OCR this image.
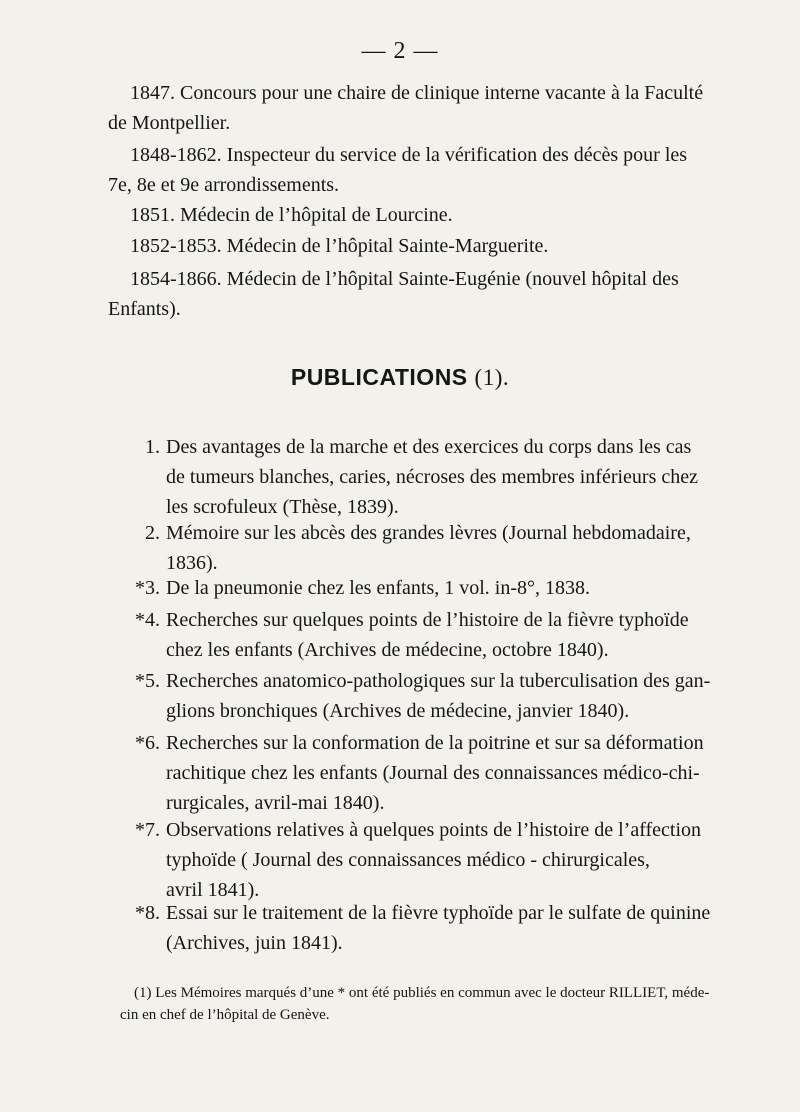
— 2 —
1847. Concours pour une chaire de clinique interne vacante à la Faculté
de Montpellier.
1848-1862. Inspecteur du service de la vérification des décès pour les
7e, 8e et 9e arrondissements.
1851. Médecin de l’hôpital de Lourcine.
1852-1853. Médecin de l’hôpital Sainte-Marguerite.
1854-1866. Médecin de l’hôpital Sainte-Eugénie (nouvel hôpital des
Enfants).
PUBLICATIONS (1).
1. Des avantages de la marche et des exercices du corps dans les cas
de tumeurs blanches, caries, nécroses des membres inférieurs chez
les scrofuleux (Thèse, 1839).
2. Mémoire sur les abcès des grandes lèvres (Journal hebdomadaire,
1836).
*3. De la pneumonie chez les enfants, 1 vol. in-8°, 1838.
*4. Recherches sur quelques points de l’histoire de la fièvre typhoïde
chez les enfants (Archives de médecine, octobre 1840).
*5. Recherches anatomico-pathologiques sur la tuberculisation des gan-
glions bronchiques (Archives de médecine, janvier 1840).
*6. Recherches sur la conformation de la poitrine et sur sa déformation
rachitique chez les enfants (Journal des connaissances médico-chi-
rurgicales, avril-mai 1840).
*7. Observations relatives à quelques points de l’histoire de l’affection
typhoïde ( Journal des connaissances médico - chirurgicales,
avril 1841).
*8. Essai sur le traitement de la fièvre typhoïde par le sulfate de quinine
(Archives, juin 1841).
(1) Les Mémoires marqués d’une * ont été publiés en commun avec le docteur RILLIET, méde-
cin en chef de l’hôpital de Genève.
